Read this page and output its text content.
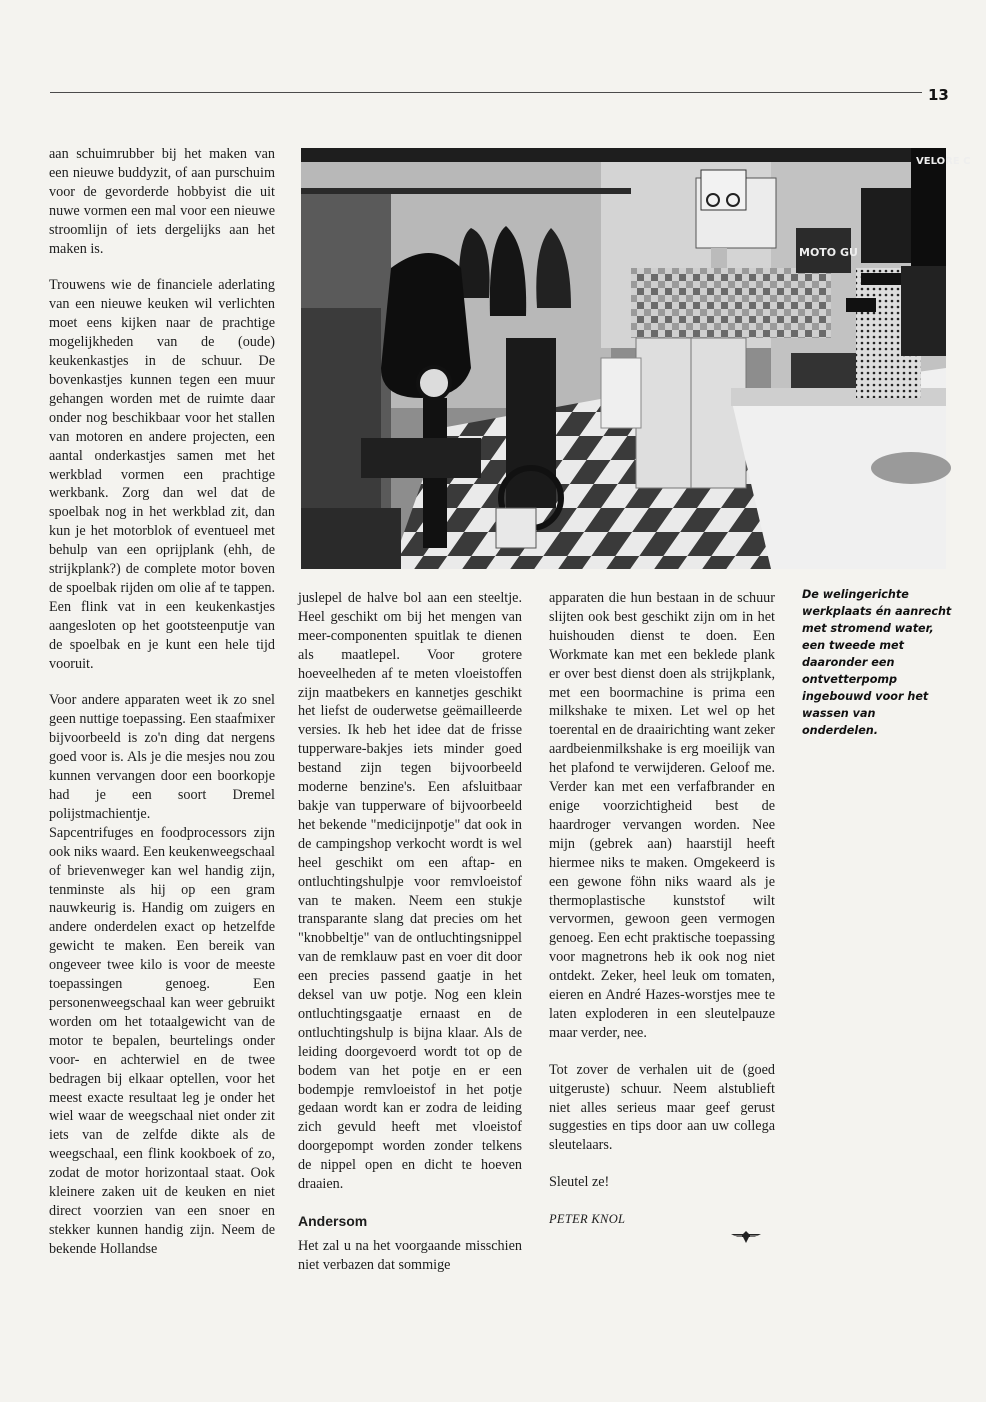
13

aan schuimrubber bij het maken van een nieuwe buddyzit, of aan purschuim voor de gevorderde hobbyist die uit nuwe vormen een mal voor een nieuwe stroomlijn of iets dergelijks aan het maken is.

Trouwens wie de financiele aderlating van een nieuwe keuken wil verlichten moet eens kijken naar de prachtige mogelijkheden van de (oude) keukenkastjes in de schuur. De bovenkastjes kunnen tegen een muur gehangen worden met de ruimte daar onder nog beschikbaar voor het stallen van motoren en andere projecten, een aantal onderkastjes samen met het werkblad vormen een prachtige werkbank. Zorg dan wel dat de spoelbak nog in het werkblad zit, dan kun je het motorblok of eventueel met behulp van een oprijplank (ehh, de strijkplank?) de complete motor boven de spoelbak rijden om olie af te tappen. Een flink vat in een keukenkastjes aangesloten op het gootsteenputje van de spoelbak en je kunt een hele tijd vooruit.

Voor andere apparaten weet ik zo snel geen nuttige toepassing. Een staafmixer bijvoorbeeld is zo'n ding dat nergens goed voor is. Als je die mesjes nou zou kunnen vervangen door een boorkopje had je een soort Dremel polijstmachientje.

Sapcentrifuges en foodprocessors zijn ook niks waard. Een keukenweegschaal of brievenweger kan wel handig zijn, tenminste als hij op een gram nauwkeurig is. Handig om zuigers en andere onderdelen exact op hetzelfde gewicht te maken. Een bereik van ongeveer twee kilo is voor de meeste toepassingen genoeg. Een personenweegschaal kan weer gebruikt worden om het totaalgewicht van de motor te bepalen, beurtelings onder voor- en achterwiel en de twee bedragen bij elkaar optellen, voor het meest exacte resultaat leg je onder het wiel waar de weegschaal niet onder zit iets van de zelfde dikte als de weegschaal, een flink kookboek of zo, zodat de motor horizontaal staat. Ook kleinere zaken uit de keuken en niet direct voorzien van een snoer en stekker kunnen handig zijn. Neem de bekende Hollandse

MOTO GU
VELORE C

juslepel de halve bol aan een steeltje. Heel geschikt om bij het mengen van meer-componenten spuitlak te dienen als maatlepel. Voor grotere hoeveelheden af te meten vloeistoffen zijn maatbekers en kannetjes geschikt het liefst de ouderwetse geëmailleerde versies. Ik heb het idee dat de frisse tupperware-bakjes iets minder goed bestand zijn tegen bijvoorbeeld moderne benzine's. Een afsluitbaar bakje van tupperware of bijvoorbeeld het bekende "medicijnpotje" dat ook in de campingshop verkocht wordt is wel heel geschikt om een aftap- en ontluchtingshulpje voor remvloeistof van te maken. Neem een stukje transparante slang dat precies om het "knobbeltje" van de ontluchtingsnippel van de remklauw past en voer dit door een precies passend gaatje in het deksel van uw potje. Nog een klein ontluchtingsgaatje ernaast en de ontluchtingshulp is bijna klaar. Als de leiding doorgevoerd wordt tot op de bodem van het potje en er een bodempje remvloeistof in het potje gedaan wordt kan er zodra de leiding zich gevuld heeft met vloeistof doorgepompt worden zonder telkens de nippel open en dicht te hoeven draaien.

Andersom

Het zal u na het voorgaande misschien niet verbazen dat sommige

apparaten die hun bestaan in de schuur slijten ook best geschikt zijn om in het huishouden dienst te doen. Een Workmate kan met een beklede plank er over best dienst doen als strijkplank, met een boormachine is prima een milkshake te mixen. Let wel op het toerental en de draairichting want zeker aardbeienmilkshake is erg moeilijk van het plafond te verwijderen. Geloof me. Verder kan met een verfafbrander en enige voorzichtigheid best de haardroger vervangen worden. Nee mijn (gebrek aan) haarstijl heeft hiermee niks te maken. Omgekeerd is een gewone föhn niks waard als je thermoplastische kunststof wilt vervormen, gewoon geen vermogen genoeg. Een echt praktische toepassing voor magnetrons heb ik ook nog niet ontdekt. Zeker, heel leuk om tomaten, eieren en André Hazes-worstjes mee te laten exploderen in een sleutelpauze maar verder, nee.

Tot zover de verhalen uit de (goed uitgeruste) schuur. Neem alstublieft niet alles serieus maar geef gerust suggesties en tips door aan uw collega sleutelaars.

Sleutel ze!

PETER KNOL
De welingerichte werkplaats én aanrecht met stromend water, een tweede met daaronder een ontvetterpomp ingebouwd voor het wassen van onderdelen.
